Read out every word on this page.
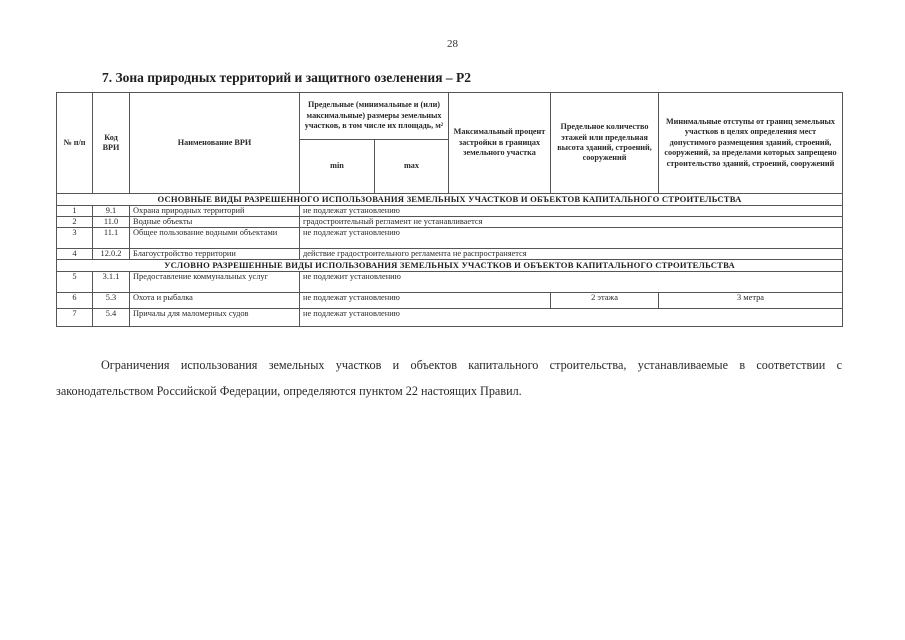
28
7. Зона природных территорий и защитного озеленения – Р2
№ п/п	Код ВРИ	Наименование ВРИ	Предельные (минимальные и (или) максимальные) размеры земельных участков, в том числе их площадь, м²		Максимальный процент застройки в границах земельного участка	Предельное количество этажей или предельная высота зданий, строений, сооружений	Минимальные отступы от границ земельных участков в целях определения мест допустимого размещения зданий, строений, сооружений, за пределами которых запрещено строительство зданий, строений, сооружений
			min	max			
ОСНОВНЫЕ ВИДЫ РАЗРЕШЕННОГО ИСПОЛЬЗОВАНИЯ ЗЕМЕЛЬНЫХ УЧАСТКОВ И ОБЪЕКТОВ КАПИТАЛЬНОГО СТРОИТЕЛЬСТВА							
1	9.1	Охрана природных территорий	не подлежат установлению				
2	11.0	Водные объекты	градостроительный регламент не устанавливается				
3	11.1	Общее пользование водными объектами	не подлежат установлению				
4	12.0.2	Благоустройство территории	действие градостроительного регламента не распространяется				
УСЛОВНО РАЗРЕШЕННЫЕ ВИДЫ ИСПОЛЬЗОВАНИЯ ЗЕМЕЛЬНЫХ УЧАСТКОВ И ОБЪЕКТОВ КАПИТАЛЬНОГО СТРОИТЕЛЬСТВА							
5	3.1.1	Предоставление коммунальных услуг	не подлежит установлению				
6	5.3	Охота и рыбалка	не подлежат установлению			2 этажа	3 метра
7	5.4	Причалы для маломерных судов	не подлежат установлению				

Ограничения использования земельных участков и объектов капитального строительства, устанавливаемые в соответствии с законодательством Российской Федерации, определяются пунктом 22 настоящих Правил.
